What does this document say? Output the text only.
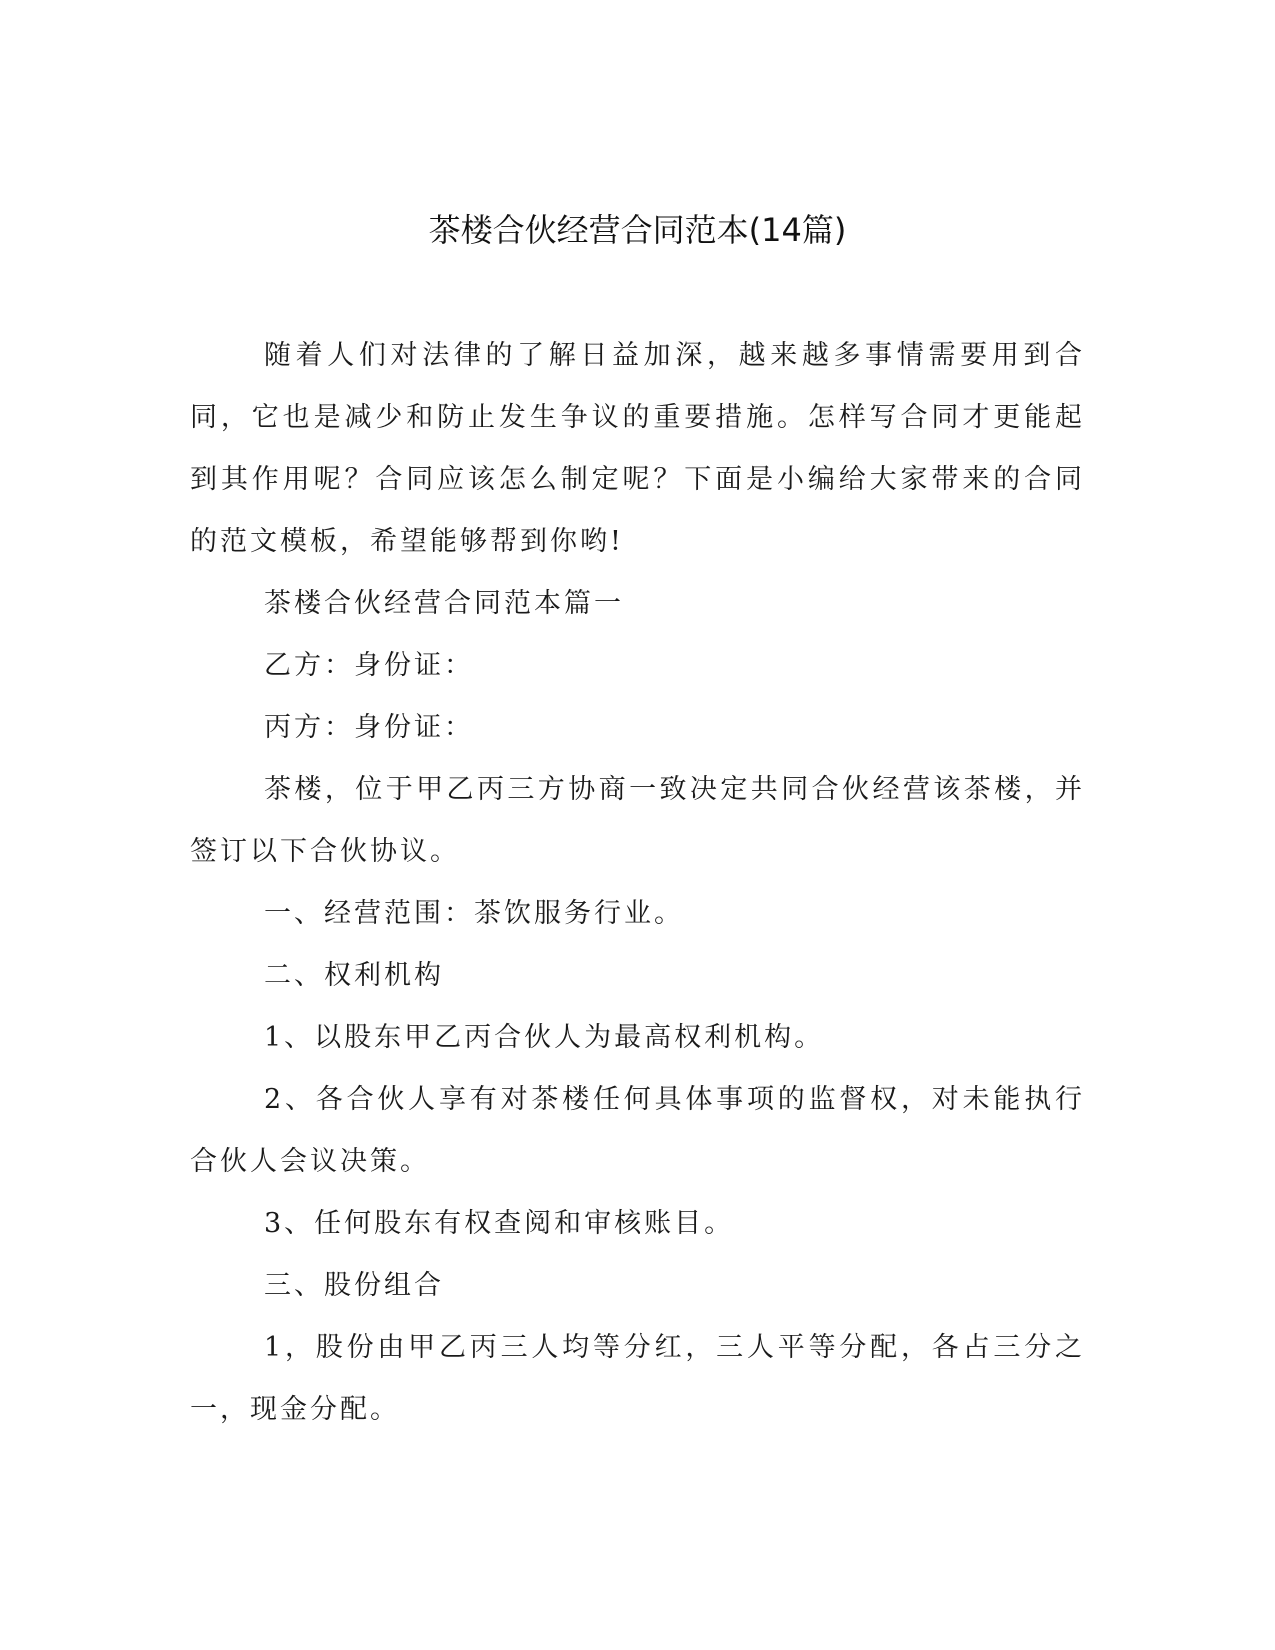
茶楼合伙经营合同范本(14篇)

随着人们对法律的了解日益加深，越来越多事情需要用到合同，它也是减少和防止发生争议的重要措施。怎样写合同才更能起到其作用呢？合同应该怎么制定呢？下面是小编给大家带来的合同的范文模板，希望能够帮到你哟!

茶楼合伙经营合同范本篇一

乙方：身份证：

丙方：身份证：

茶楼，位于甲乙丙三方协商一致决定共同合伙经营该茶楼，并签订以下合伙协议。

一、经营范围：茶饮服务行业。

二、权利机构

1、以股东甲乙丙合伙人为最高权利机构。

2、各合伙人享有对茶楼任何具体事项的监督权，对未能执行合伙人会议决策。

3、任何股东有权查阅和审核账目。

三、股份组合

1，股份由甲乙丙三人均等分红，三人平等分配，各占三分之一，现金分配。
